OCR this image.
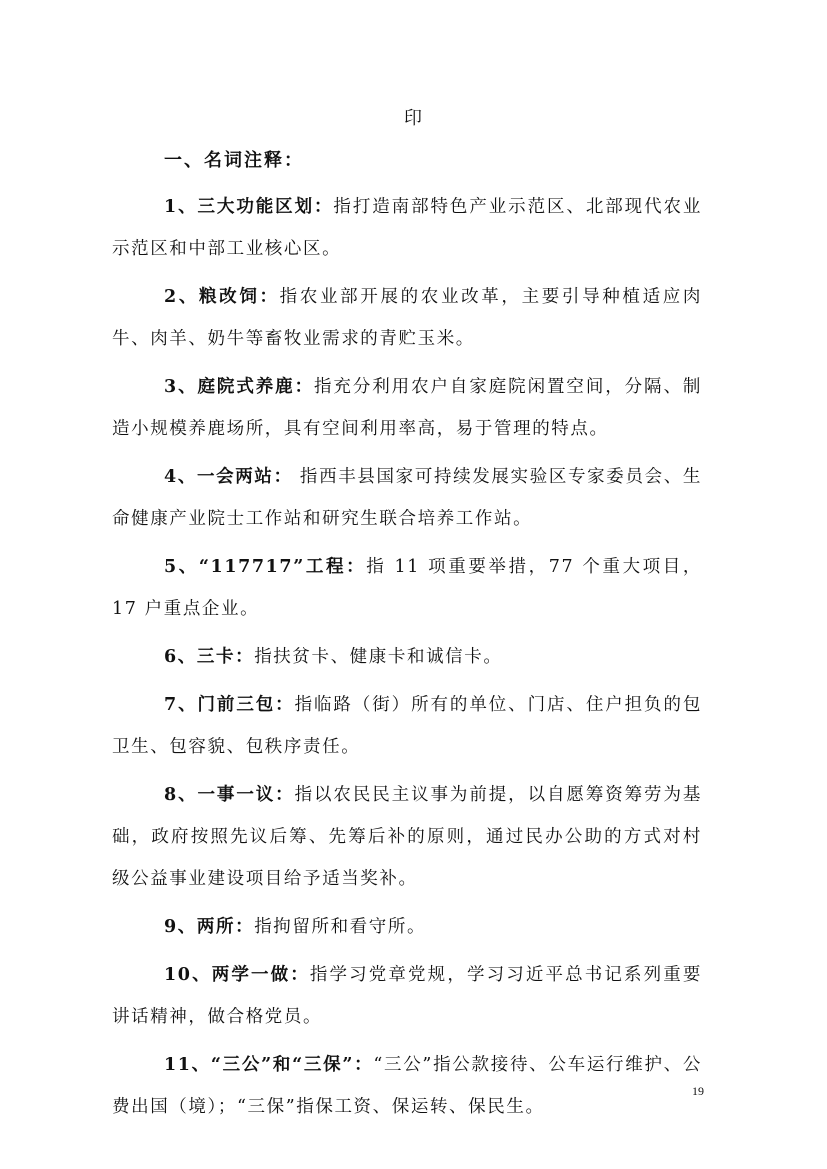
印
一、名词注释：

1、三大功能区划：指打造南部特色产业示范区、北部现代农业示范区和中部工业核心区。

2、粮改饲：指农业部开展的农业改革，主要引导种植适应肉牛、肉羊、奶牛等畜牧业需求的青贮玉米。

3、庭院式养鹿：指充分利用农户自家庭院闲置空间，分隔、制造小规模养鹿场所，具有空间利用率高，易于管理的特点。

4、一会两站： 指西丰县国家可持续发展实验区专家委员会、生命健康产业院士工作站和研究生联合培养工作站。

5、“117717”工程：指 11 项重要举措，77 个重大项目，17 户重点企业。

6、三卡：指扶贫卡、健康卡和诚信卡。

7、门前三包：指临路（街）所有的单位、门店、住户担负的包卫生、包容貌、包秩序责任。

8、一事一议：指以农民民主议事为前提，以自愿筹资筹劳为基础，政府按照先议后筹、先筹后补的原则，通过民办公助的方式对村级公益事业建设项目给予适当奖补。

9、两所：指拘留所和看守所。

10、两学一做：指学习党章党规，学习习近平总书记系列重要讲话精神，做合格党员。

11、“三公”和“三保”：“三公”指公款接待、公车运行维护、公费出国（境）；“三保”指保工资、保运转、保民生。

19
